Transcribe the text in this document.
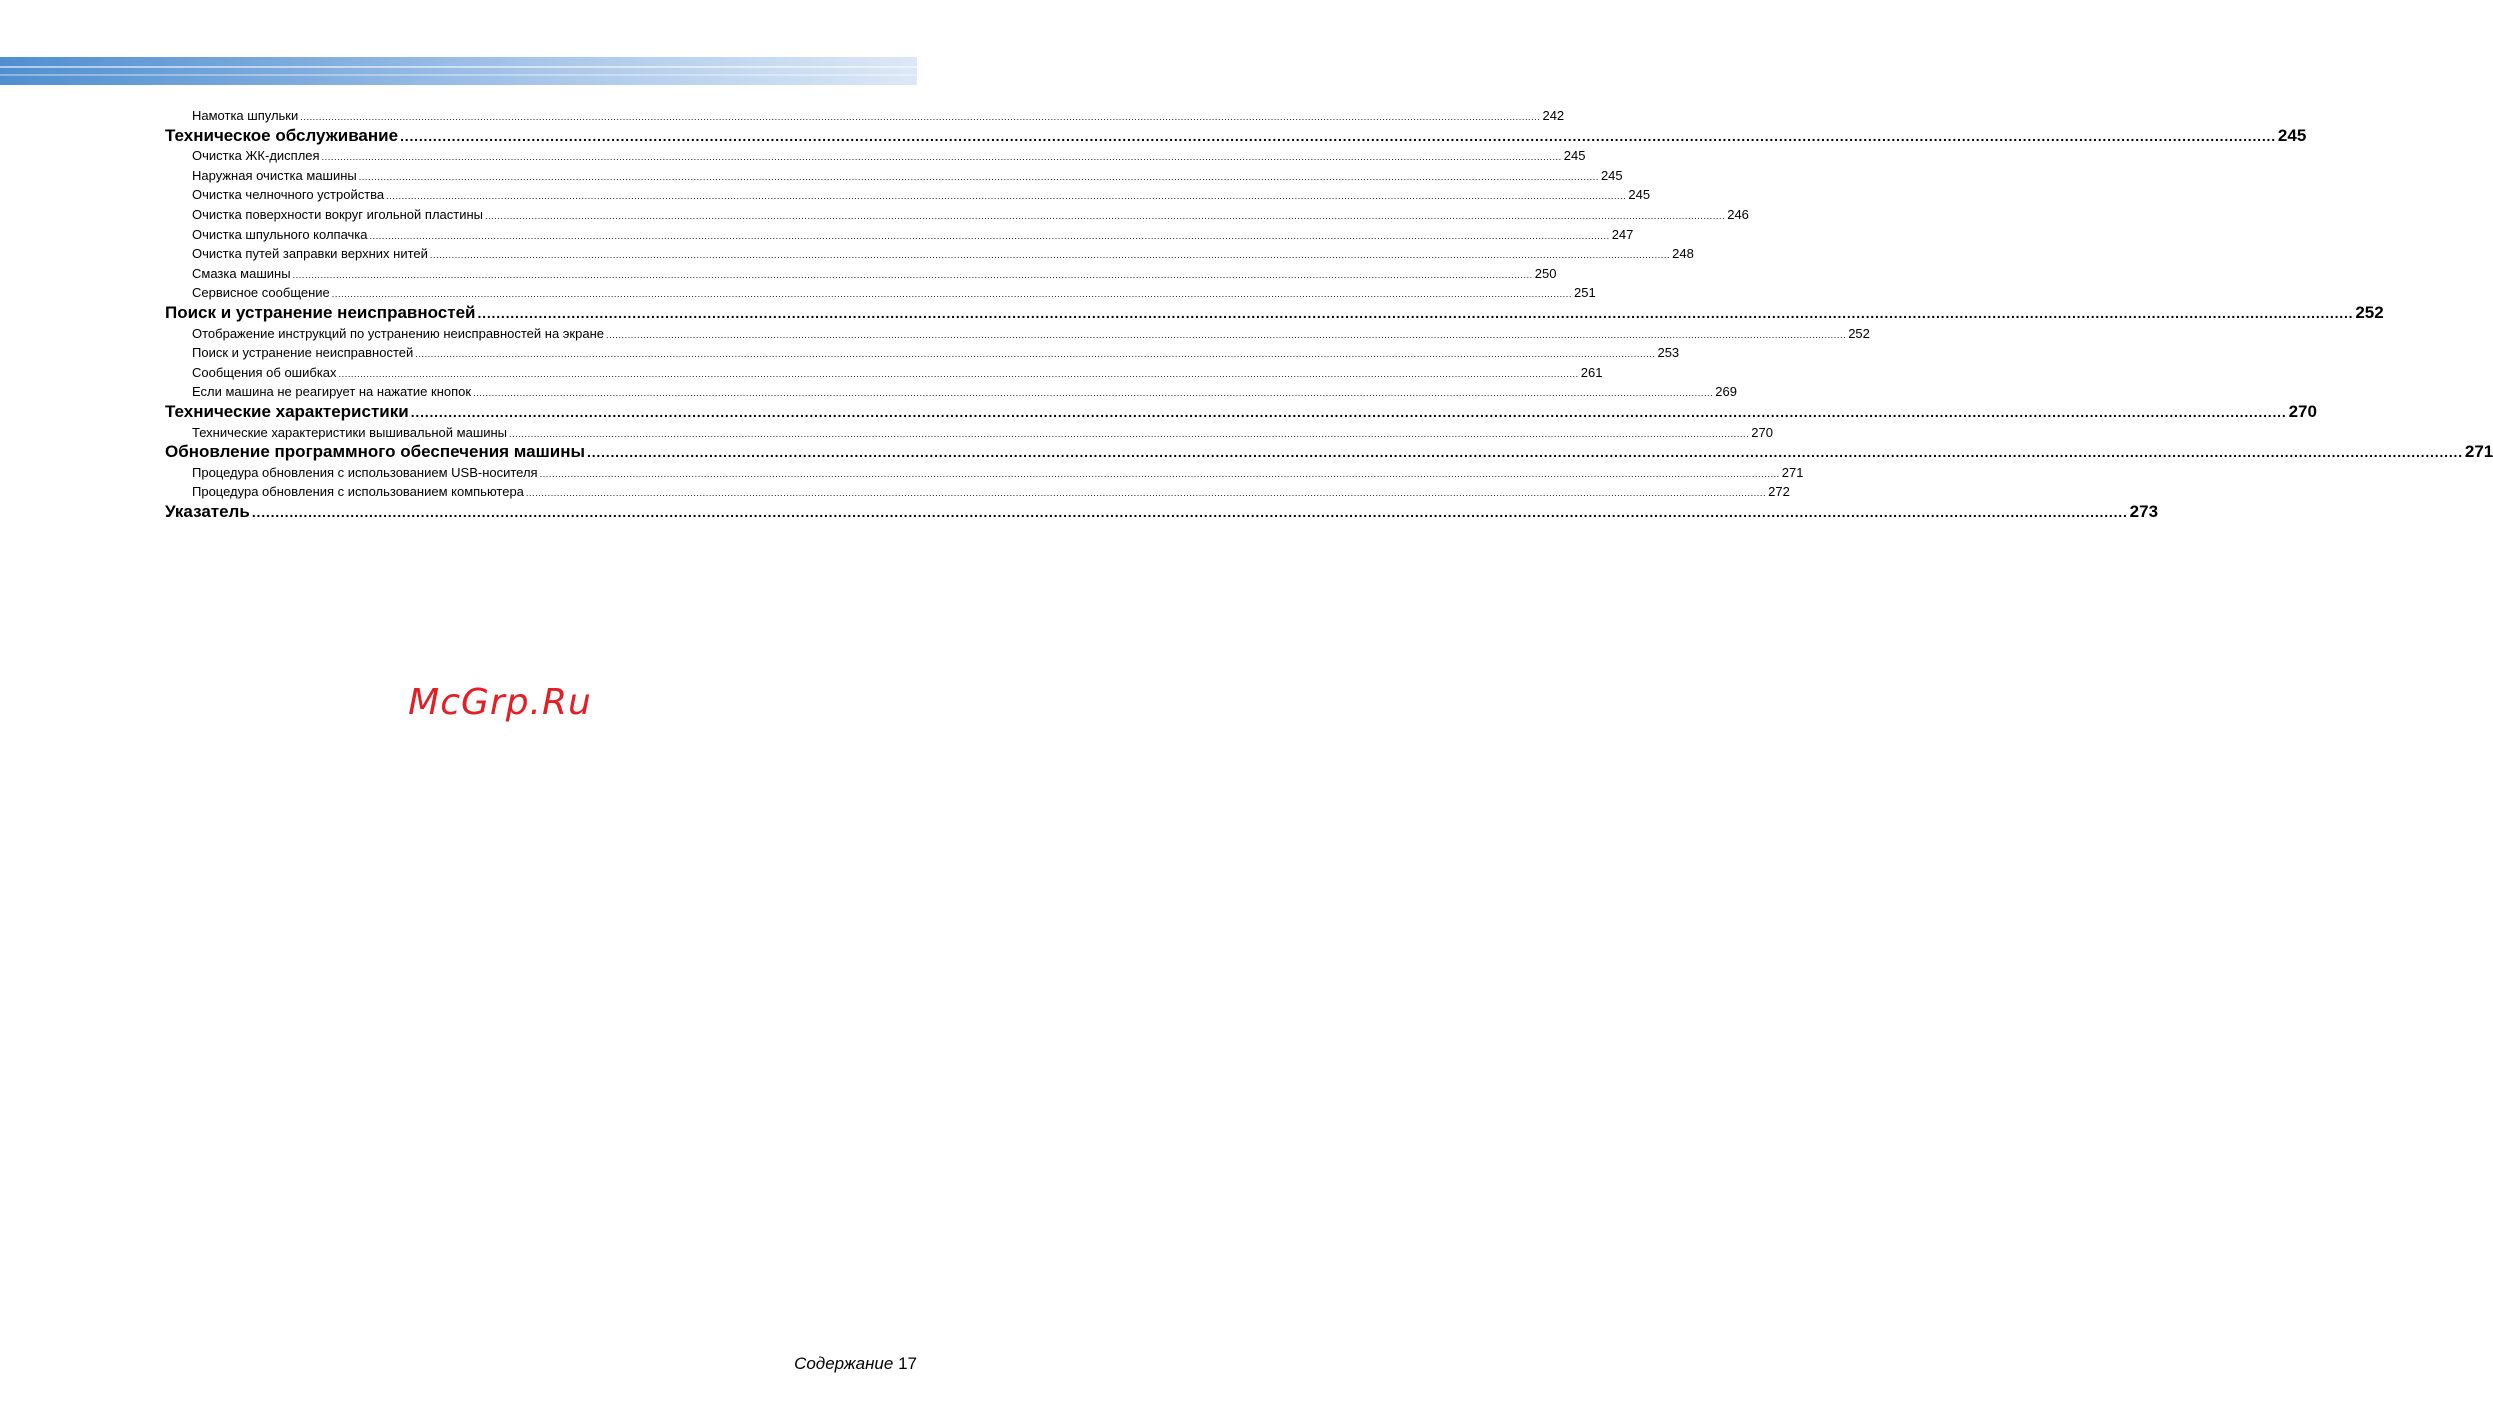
Намотка шпульки ................................................................................................................................................................................................................................................................................................................................................................................................................ 242
Техническое обслуживание ................................................................................................................................................................................................................................................................................................................................................................................................................ 245
Очистка ЖК-дисплея ................................................................................................................................................................................................................................................................................................................................................................................................................ 245
Наружная очистка машины ................................................................................................................................................................................................................................................................................................................................................................................................................ 245
Очистка челночного устройства ................................................................................................................................................................................................................................................................................................................................................................................................................ 245
Очистка поверхности вокруг игольной пластины ................................................................................................................................................................................................................................................................................................................................................................................................................ 246
Очистка шпульного колпачка ................................................................................................................................................................................................................................................................................................................................................................................................................ 247
Очистка путей заправки верхних нитей ................................................................................................................................................................................................................................................................................................................................................................................................................ 248
Смазка машины ................................................................................................................................................................................................................................................................................................................................................................................................................ 250
Сервисное сообщение ................................................................................................................................................................................................................................................................................................................................................................................................................ 251
Поиск и устранение неисправностей ................................................................................................................................................................................................................................................................................................................................................................................................................ 252
Отображение инструкций по устранению неисправностей на экране ................................................................................................................................................................................................................................................................................................................................................................................................................ 252
Поиск и устранение неисправностей ................................................................................................................................................................................................................................................................................................................................................................................................................ 253
Сообщения об ошибках ................................................................................................................................................................................................................................................................................................................................................................................................................ 261
Если машина не реагирует на нажатие кнопок ................................................................................................................................................................................................................................................................................................................................................................................................................ 269
Технические характеристики ................................................................................................................................................................................................................................................................................................................................................................................................................ 270
Технические характеристики вышивальной машины ................................................................................................................................................................................................................................................................................................................................................................................................................ 270
Обновление программного обеспечения машины ................................................................................................................................................................................................................................................................................................................................................................................................................ 271
Процедура обновления с использованием USB-носителя ................................................................................................................................................................................................................................................................................................................................................................................................................ 271
Процедура обновления с использованием компьютера ................................................................................................................................................................................................................................................................................................................................................................................................................ 272
Указатель ................................................................................................................................................................................................................................................................................................................................................................................................................ 273
McGrp.Ru
Содержание 17
